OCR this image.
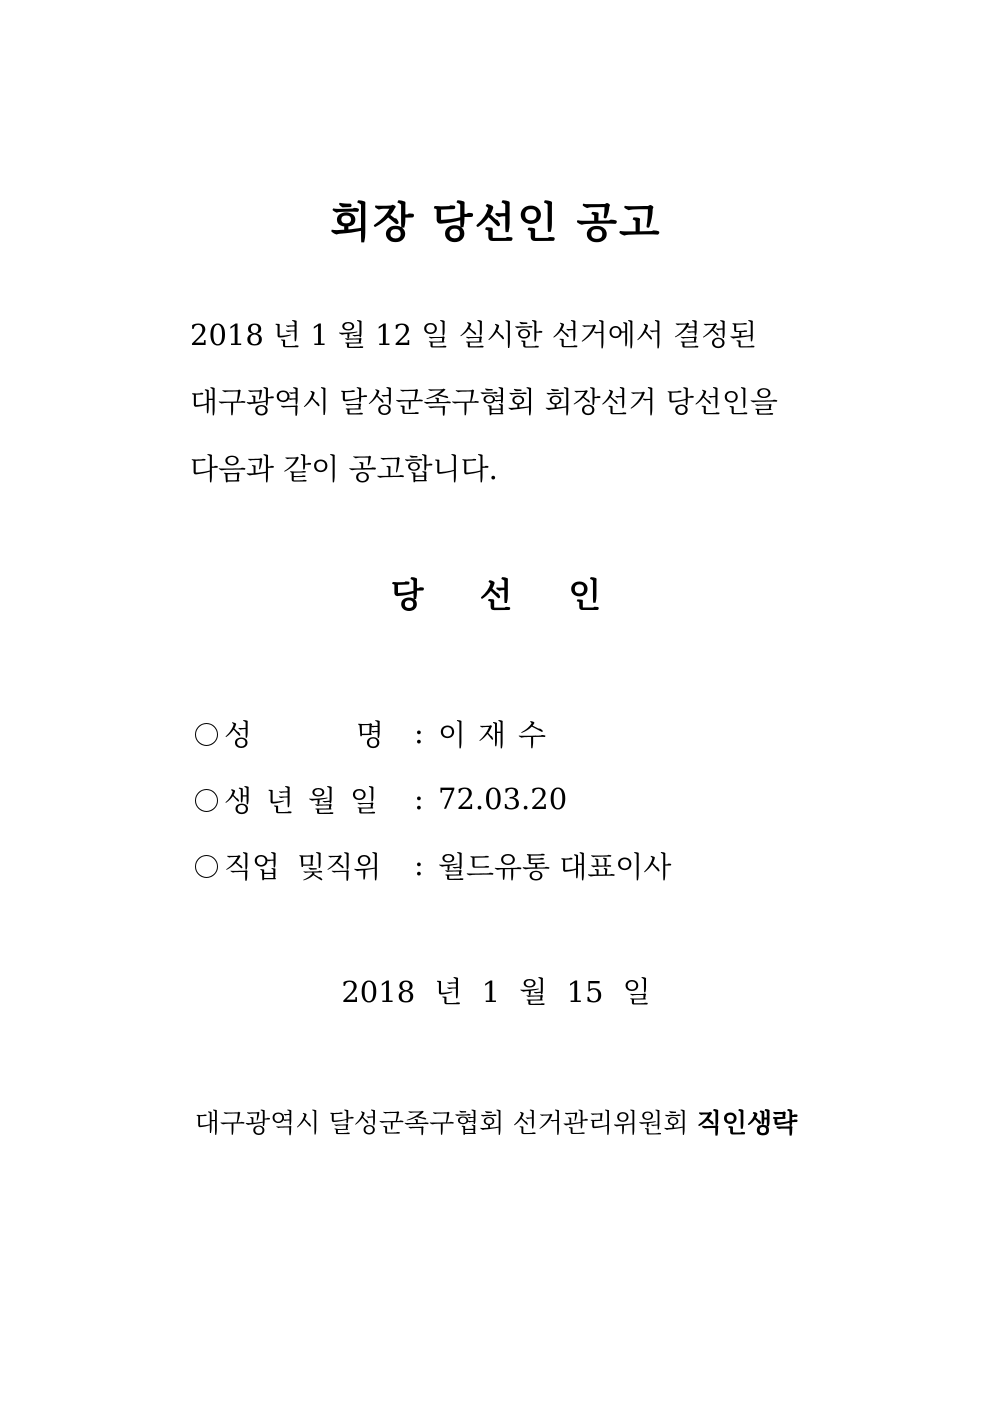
회장 당선인 공고
2018 년 1 월 12 일 실시한 선거에서 결정된
대구광역시 달성군족구협회 회장선거 당선인을
다음과 같이 공고합니다.
당선인
성	명 : 이재수
생년월일 : 72.03.20
직업 및직위	: 월드유통 대표이사
2018 년 1 월 15 일
대구광역시 달성군족구협회 선거관리위원회 직인생략
